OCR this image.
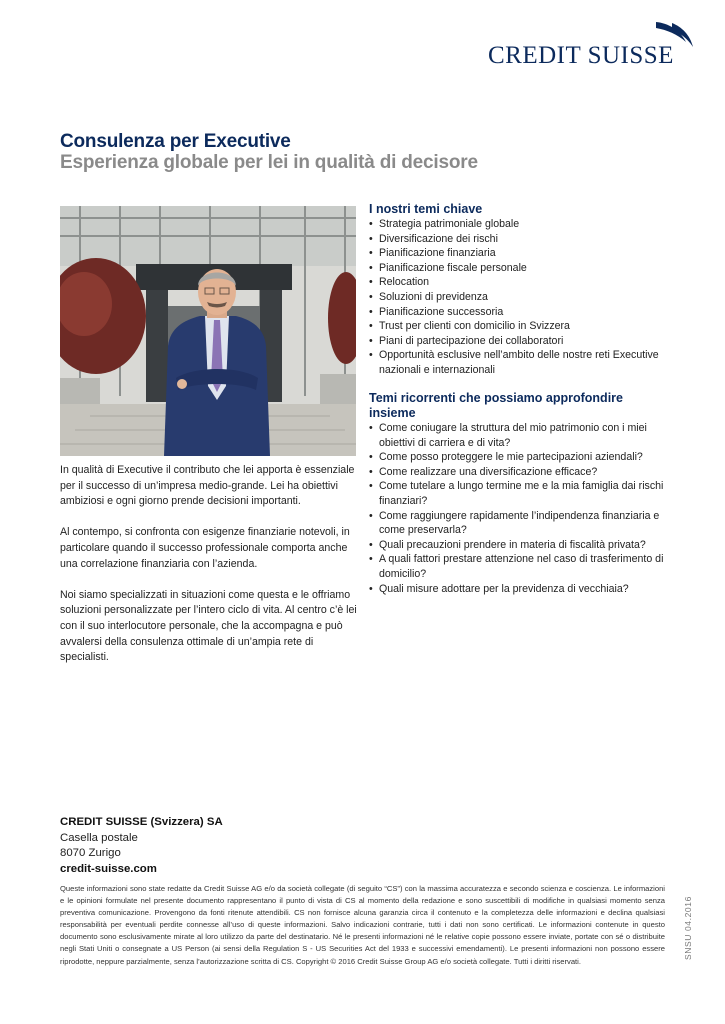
CREDIT SUISSE
Consulenza per Executive
Esperienza globale per lei in qualità di decisore

In qualità di Executive il contributo che lei apporta è essenziale per il successo di un’impresa medio-grande. Lei ha obiettivi ambiziosi e ogni giorno prende decisioni importanti.

Al contempo, si confronta con esigenze finanziarie notevoli, in particolare quando il successo professionale comporta anche una correlazione finanziaria con l’azienda.

Noi siamo specializzati in situazioni come questa e le offriamo soluzioni personalizzate per l’intero ciclo di vita. Al centro c’è lei con il suo interlocutore personale, che la accompagna e può avvalersi della consulenza ottimale di un’ampia rete di specialisti.

I nostri temi chiave
• Strategia patrimoniale globale
• Diversificazione dei rischi
• Pianificazione finanziaria
• Pianificazione fiscale personale
• Relocation
• Soluzioni di previdenza
• Pianificazione successoria
• Trust per clienti con domicilio in Svizzera
• Piani di partecipazione dei collaboratori
• Opportunità esclusive nell’ambito delle nostre reti Executive nazionali e internazionali
Temi ricorrenti che possiamo approfondire insieme
• Come coniugare la struttura del mio patrimonio con i miei obiettivi di carriera e di vita?
• Come posso proteggere le mie partecipazioni aziendali?
• Come realizzare una diversificazione efficace?
• Come tutelare a lungo termine me e la mia famiglia dai rischi finanziari?
• Come raggiungere rapidamente l’indipendenza finanziaria e come preservarla?
• Quali precauzioni prendere in materia di fiscalità privata?
• A quali fattori prestare attenzione nel caso di trasferimento di domicilio?
• Quali misure adottare per la previdenza di vecchiaia?
CREDIT SUISSE (Svizzera) SA
Casella postale
8070 Zurigo
credit-suisse.com
Queste informazioni sono state redatte da Credit Suisse AG e/o da società collegate (di seguito “CS”) con la massima accuratezza e secondo scienza e coscienza. Le informazioni e le opinioni formulate nel presente documento rappresentano il punto di vista di CS al momento della redazione e sono suscettibili di modifiche in qualsiasi momento senza preventiva comunicazione. Provengono da fonti ritenute attendibili. CS non fornisce alcuna garanzia circa il contenuto e la completezza delle informazioni e declina qualsiasi responsabilità per eventuali perdite connesse all’uso di queste informazioni. Salvo indicazioni contrarie, tutti i dati non sono certificati. Le informazioni contenute in questo documento sono esclusivamente mirate al loro utilizzo da parte del destinatario. Né le presenti informazioni né le relative copie possono essere inviate, portate con sé o distribuite negli Stati Uniti o consegnate a US Person (ai sensi della Regulation S - US Securities Act del 1933 e successivi emendamenti). Le presenti informazioni non possono essere riprodotte, neppure parzialmente, senza l’autorizzazione scritta di CS. Copyright © 2016 Credit Suisse Group AG e/o società collegate. Tutti i diritti riservati.
SNSU 04.2016
